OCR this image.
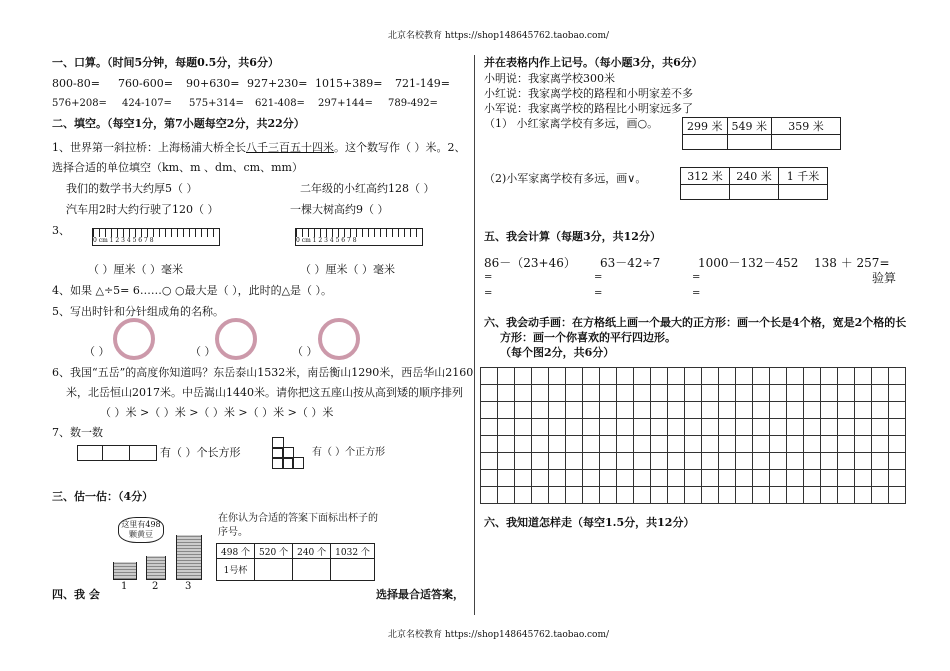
北京名校教育 https://shop148645762.taobao.com/
一、口算。（时间5分钟，每题0.5分，共6分）
800-80= 760-600= 90+630= 927+230= 1015+389= 721-149=
576+208= 424-107= 575+314= 621-408= 297+144= 789-492=
二、填空。（每空1分，第7小题每空2分，共22分）
1、世界第一斜拉桥：上海杨浦大桥全长八千三百五十四米。这个数写作（ ）米。2、
选择合适的单位填空（km、m 、dm、cm、mm）
我们的数学书大约厚5（ ）	二年级的小红高约128（ ）
汽车用2时大约行驶了120（ ）	一棵大树高约9（ ）
3、
0 cm 1 2 3 4 5 6 7 8	0 cm 1 2 3 4 5 6 7 8
（ ）厘米（ ）毫米	（ ）厘米（ ）毫米
4、如果 △÷5= 6……○ ○最大是（ ），此时的△是（ ）。
5、写出时针和分针组成角的名称。
（ ）	（ ）	（ ）
6、我国“五岳”的高度你知道吗？东岳泰山1532米，南岳衡山1290米，西岳华山2160
米，北岳恒山2017米。中岳嵩山1440米。请你把这五座山按从高到矮的顺序排列
（ ）米 >（ ）米 >（ ）米 >（ ）米 >（ ）米
7、数一数
有（ ）个长方形	有（ ）个正方形
三、估一估：（4分）
这里有498颗黄豆
1 2	3
在你认为合适的答案下面标出杯子的
序号。
498 个	520 个	240 个	1032 个
1号杯			
四、我 会	选择最合适答案，
并在表格内作上记号。（每小题3分，共6分）
小明说：我家离学校300米
小红说：我家离学校的路程和小明家差不多
小军说：我家离学校的路程比小明家远多了
（1） 小红家离学校有多远，画○。	299 米	549 米	359 米

（2)小军家离学校有多远，画∨。	312 米	240 米	1 千米

五、我会计算（每题3分，共12分）
86－（23+46） 63－42÷7	1000－132－452 138 ＋ 257=
验算
=	=	=
=	=	=
六、我会动手画：在方格纸上画一个最大的正方形：画一个长是4个格，宽是2个格的长
方形：画一个你喜欢的平行四边形。
（每个图2分，共6分）

六、我知道怎样走（每空1.5分，共12分）
北京名校教育 https://shop148645762.taobao.com/
